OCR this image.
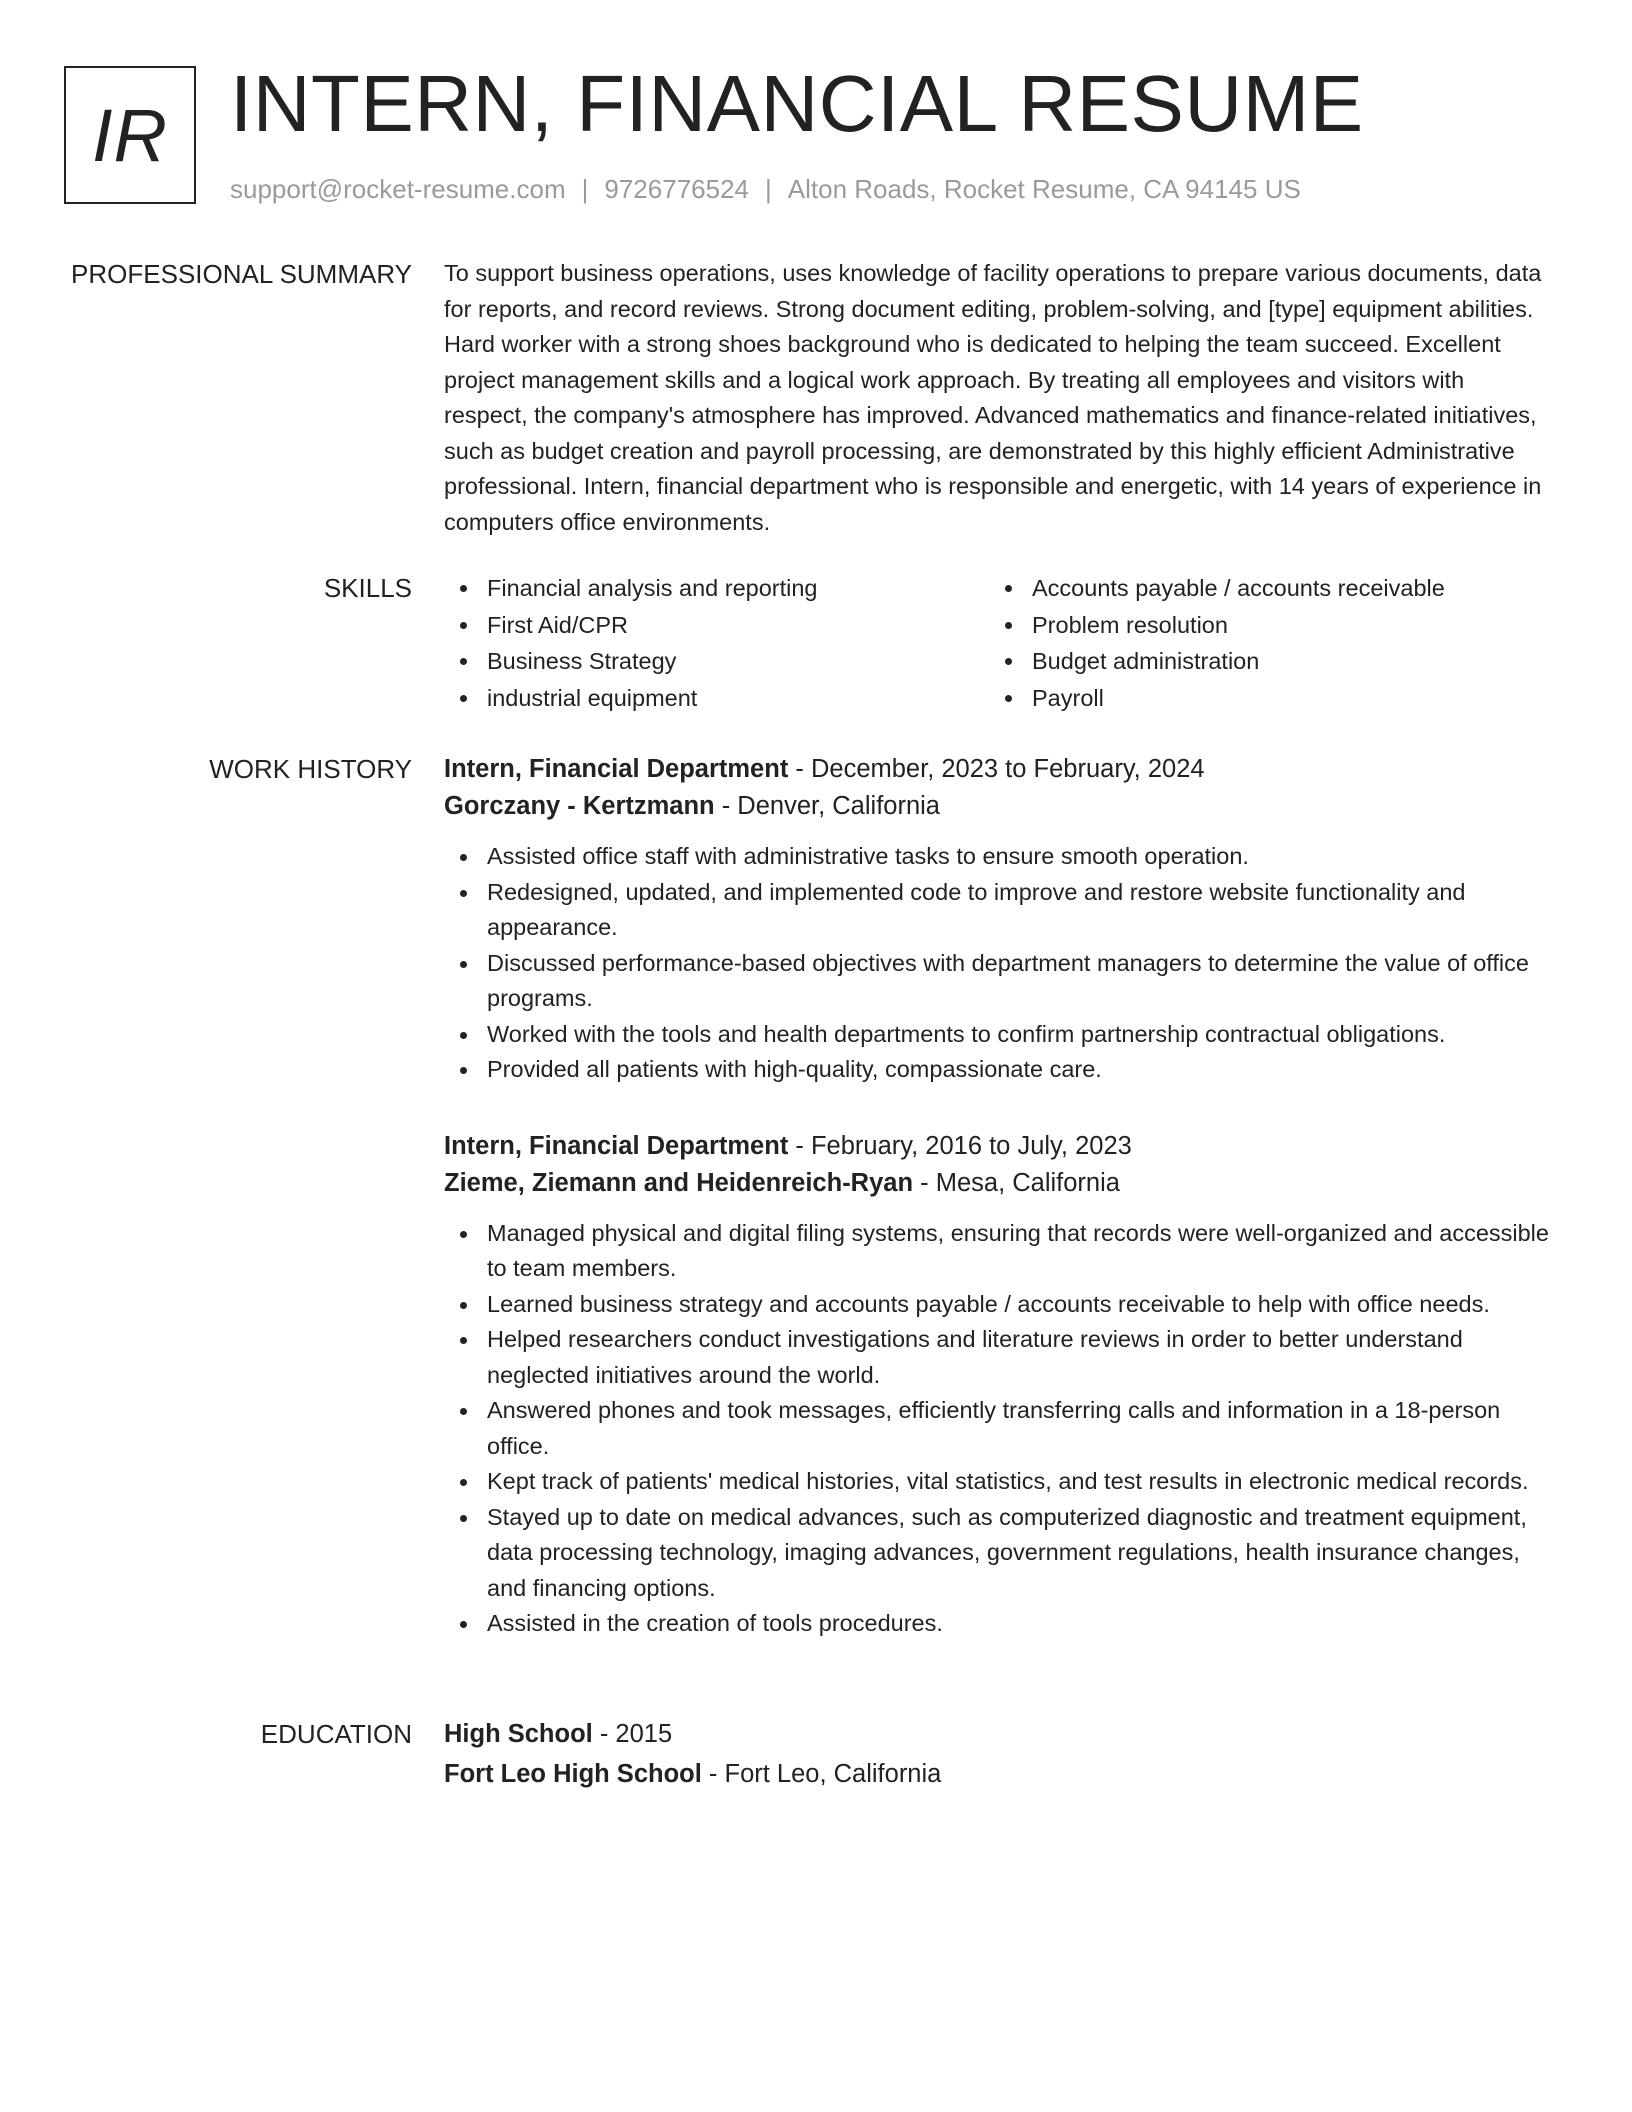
IR INTERN, FINANCIAL RESUME
support@rocket-resume.com | 9726776524 | Alton Roads, Rocket Resume, CA 94145 US
PROFESSIONAL SUMMARY To support business operations, uses knowledge of facility operations to prepare various documents, data for reports, and record reviews. Strong document editing, problem-solving, and [type] equipment abilities. Hard worker with a strong shoes background who is dedicated to helping the team succeed. Excellent project management skills and a logical work approach. By treating all employees and visitors with respect, the company's atmosphere has improved. Advanced mathematics and finance-related initiatives, such as budget creation and payroll processing, are demonstrated by this highly efficient Administrative professional. Intern, financial department who is responsible and energetic, with 14 years of experience in computers office environments.

SKILLS	Financial analysis and reporting
First Aid/CPR
Business Strategy
industrial equipment
Accounts payable / accounts receivable
Problem resolution
Budget administration
Payroll
WORK HISTORY Intern, Financial Department - December, 2023 to February, 2024
Gorczany - Kertzmann - Denver, California
Assisted office staff with administrative tasks to ensure smooth operation.
Redesigned, updated, and implemented code to improve and restore website functionality and appearance.
Discussed performance-based objectives with department managers to determine the value of office programs.
Worked with the tools and health departments to confirm partnership contractual obligations.
Provided all patients with high-quality, compassionate care.
Intern, Financial Department - February, 2016 to July, 2023
Zieme, Ziemann and Heidenreich-Ryan - Mesa, California
Managed physical and digital filing systems, ensuring that records were well-organized and accessible to team members.
Learned business strategy and accounts payable / accounts receivable to help with office needs.
Helped researchers conduct investigations and literature reviews in order to better understand neglected initiatives around the world.
Answered phones and took messages, efficiently transferring calls and information in a 18-person office.
Kept track of patients' medical histories, vital statistics, and test results in electronic medical records.
Stayed up to date on medical advances, such as computerized diagnostic and treatment equipment, data processing technology, imaging advances, government regulations, health insurance changes, and financing options.
Assisted in the creation of tools procedures.
EDUCATION High School - 2015
Fort Leo High School - Fort Leo, California
